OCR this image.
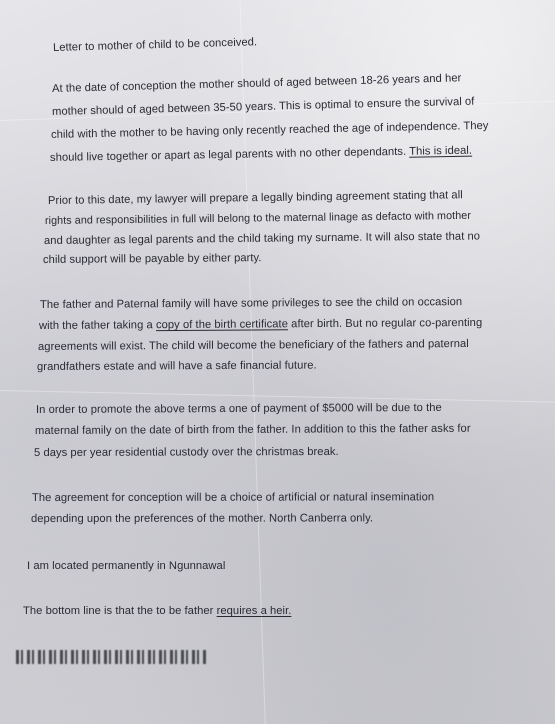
Letter to mother of child to be conceived.
At the date of conception the mother should of aged between 18-26 years and her
mother should of aged between 35-50 years. This is optimal to ensure the survival of
child with the mother to be having only recently reached the age of independence. They
should live together or apart as legal parents with no other dependants. This is ideal.
Prior to this date, my lawyer will prepare a legally binding agreement stating that all
rights and responsibilities in full will belong to the maternal linage as defacto with mother
and daughter as legal parents and the child taking my surname. It will also state that no
child support will be payable by either party.
The father and Paternal family will have some privileges to see the child on occasion
with the father taking a copy of the birth certificate after birth. But no regular co-parenting
agreements will exist. The child will become the beneficiary of the fathers and paternal
grandfathers estate and will have a safe financial future.
In order to promote the above terms a one of payment of $5000 will be due to the
maternal family on the date of birth from the father. In addition to this the father asks for
5 days per year residential custody over the christmas break.
The agreement for conception will be a choice of artificial or natural insemination
depending upon the preferences of the mother. North Canberra only.
I am located permanently in Ngunnawal
The bottom line is that the to be father requires a heir.
